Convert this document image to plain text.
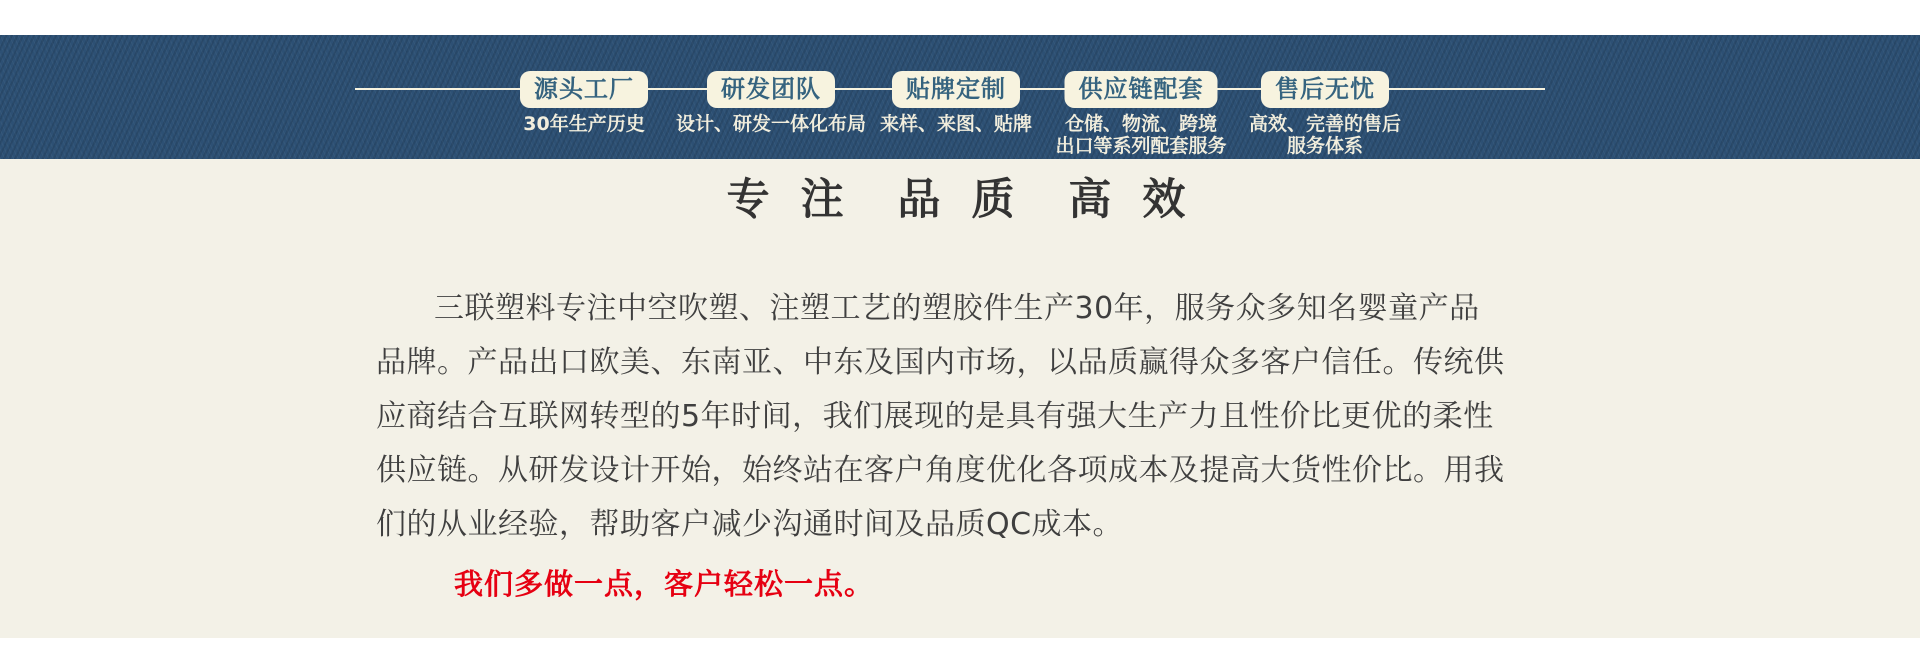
源头工厂
30年生产历史
研发团队
设计、研发一体化布局
贴牌定制
来样、来图、贴牌
供应链配套
仓储、物流、跨境
出口等系列配套服务
售后无忧
高效、完善的售后
服务体系
专 注  品 质  高 效
三联塑料专注中空吹塑、注塑工艺的塑胶件生产30年，服务众多知名婴童产品
品牌。产品出口欧美、东南亚、中东及国内市场，以品质赢得众多客户信任。传统供
应商结合互联网转型的5年时间，我们展现的是具有强大生产力且性价比更优的柔性
供应链。从研发设计开始，始终站在客户角度优化各项成本及提高大货性价比。用我
们的从业经验，帮助客户减少沟通时间及品质QC成本。
我们多做一点，客户轻松一点。
